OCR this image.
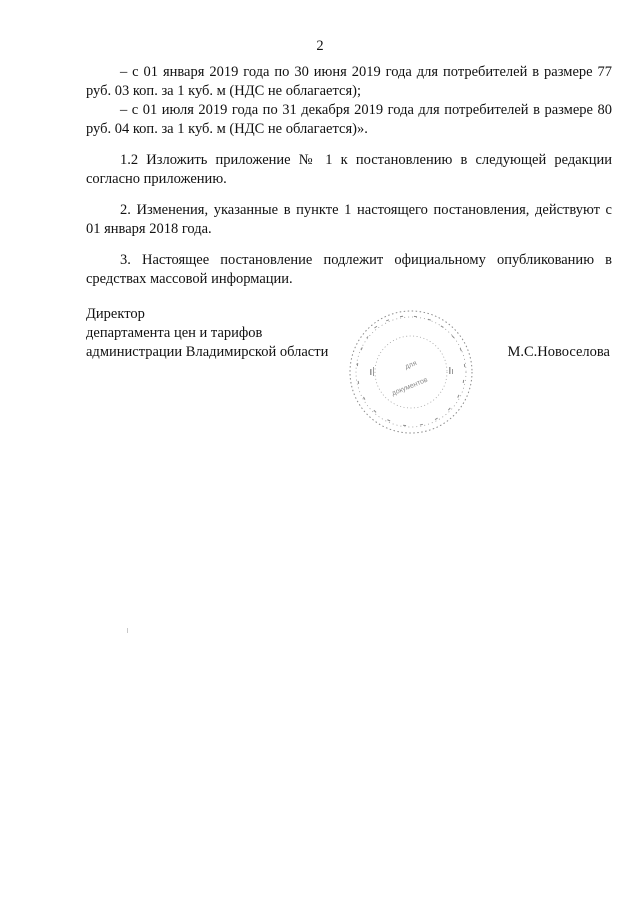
2

– с 01 января 2019 года по 30 июня 2019 года для потребителей в размере 77 руб. 03 коп. за 1 куб. м (НДС не облагается);

– с 01 июля 2019 года по 31 декабря 2019 года для потребителей в размере 80 руб. 04 коп. за 1 куб. м (НДС не облагается)».

1.2 Изложить приложение № 1 к постановлению в следующей редакции согласно приложению.

2. Изменения, указанные в пункте 1 настоящего постановления, действуют с 01 января 2018 года.

3. Настоящее постановление подлежит официальному опубликованию в средствах массовой информации.

Директор
департамента цен и тарифов
администрации Владимирской области	М.С.Новоселова
для
документов
